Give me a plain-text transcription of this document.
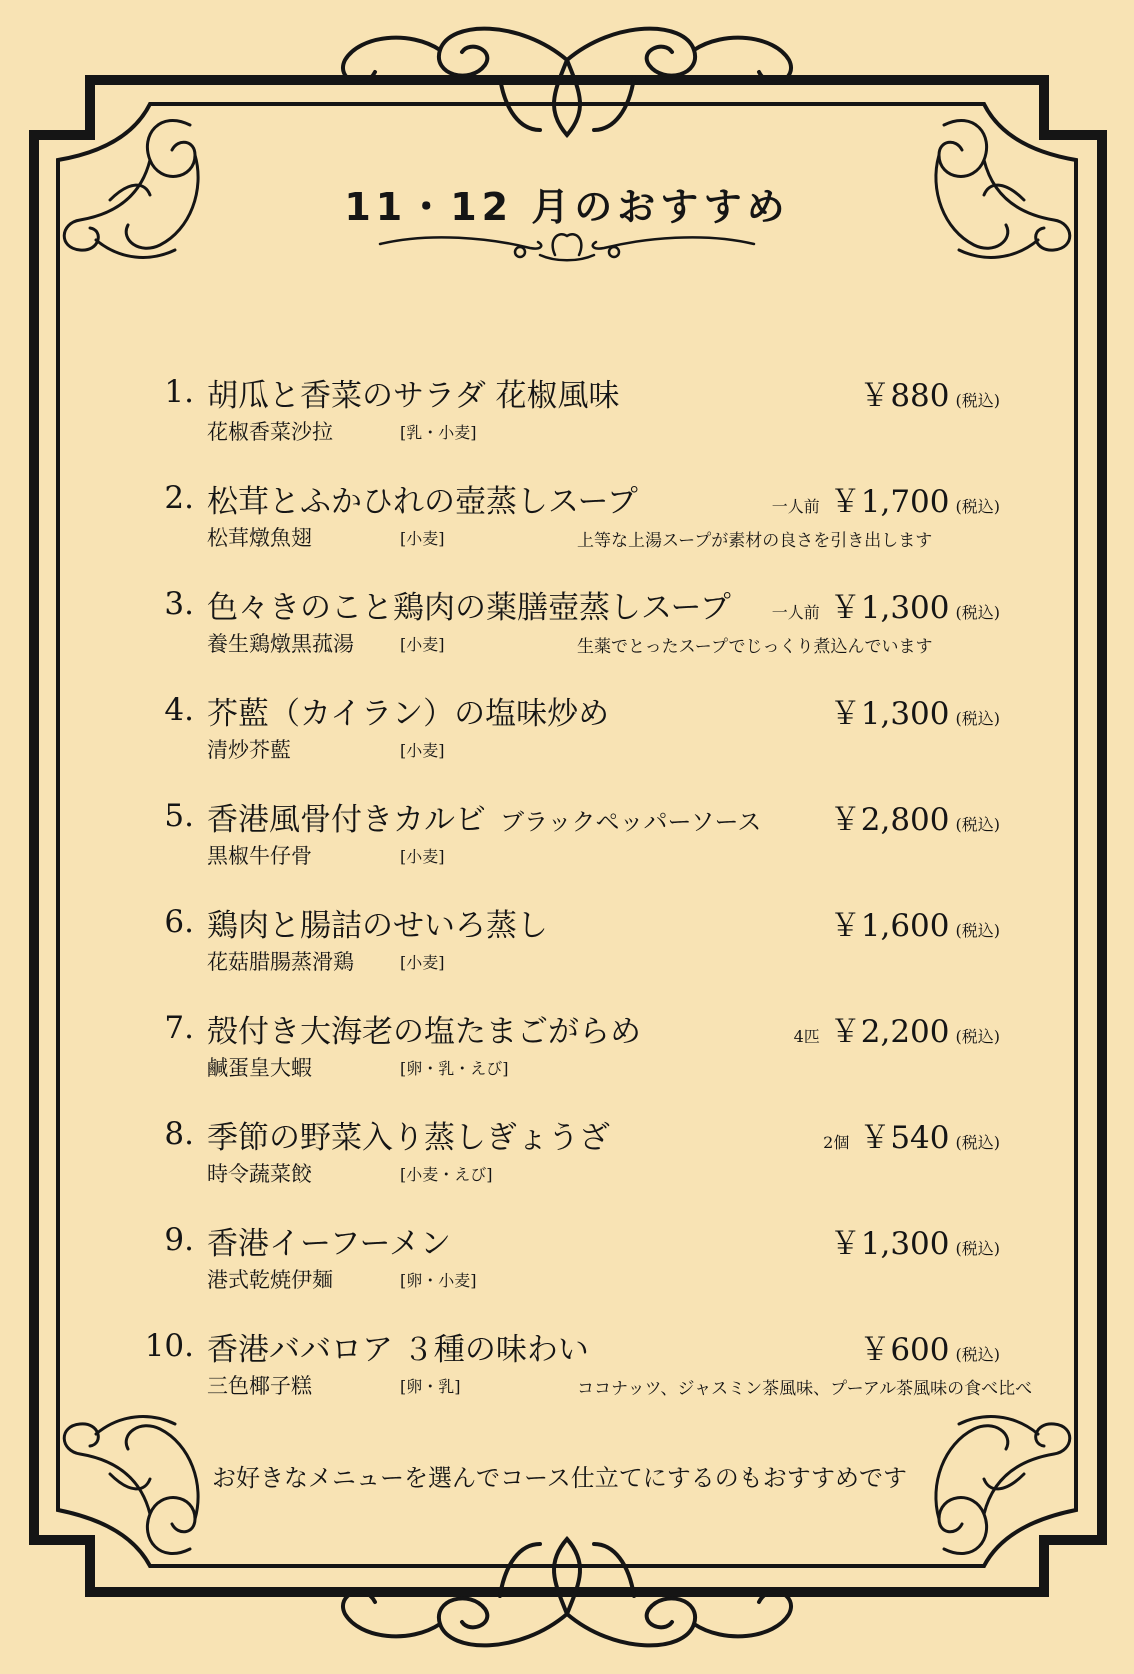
11・12 月のおすすめ
1. 胡瓜と香菜のサラダ 花椒風味	￥880 (税込)
花椒香菜沙拉	[乳・小麦]
2. 松茸とふかひれの壺蒸しスープ	一人前 ￥1,700 (税込)
松茸燉魚翅	[小麦]	上等な上湯スープが素材の良さを引き出します
3. 色々きのこと鶏肉の薬膳壺蒸しスープ	一人前 ￥1,300 (税込)
養生鶏燉黒菰湯	[小麦]	生薬でとったスープでじっくり煮込んでいます
4. 芥藍（カイラン）の塩味炒め	￥1,300 (税込)
清炒芥藍	[小麦]
5. 香港風骨付きカルビ ブラックペッパーソース ￥2,800 (税込)
黒椒牛仔骨	[小麦]
6. 鶏肉と腸詰のせいろ蒸し	￥1,600 (税込)
花菇腊腸蒸滑鶏	[小麦]
7. 殻付き大海老の塩たまごがらめ	4匹 ￥2,200 (税込)
鹹蛋皇大蝦	[卵・乳・えび]
8. 季節の野菜入り蒸しぎょうざ	2個 ￥540 (税込)
時令蔬菜餃	[小麦・えび]
9. 香港イーフーメン	￥1,300 (税込)
港式乾焼伊麺	[卵・小麦]
10. 香港ババロア ３種の味わい	￥600 (税込)
三色椰子糕	[卵・乳]	ココナッツ、ジャスミン茶風味、プーアル茶風味の食べ比べ
お好きなメニューを選んでコース仕立てにするのもおすすめです
